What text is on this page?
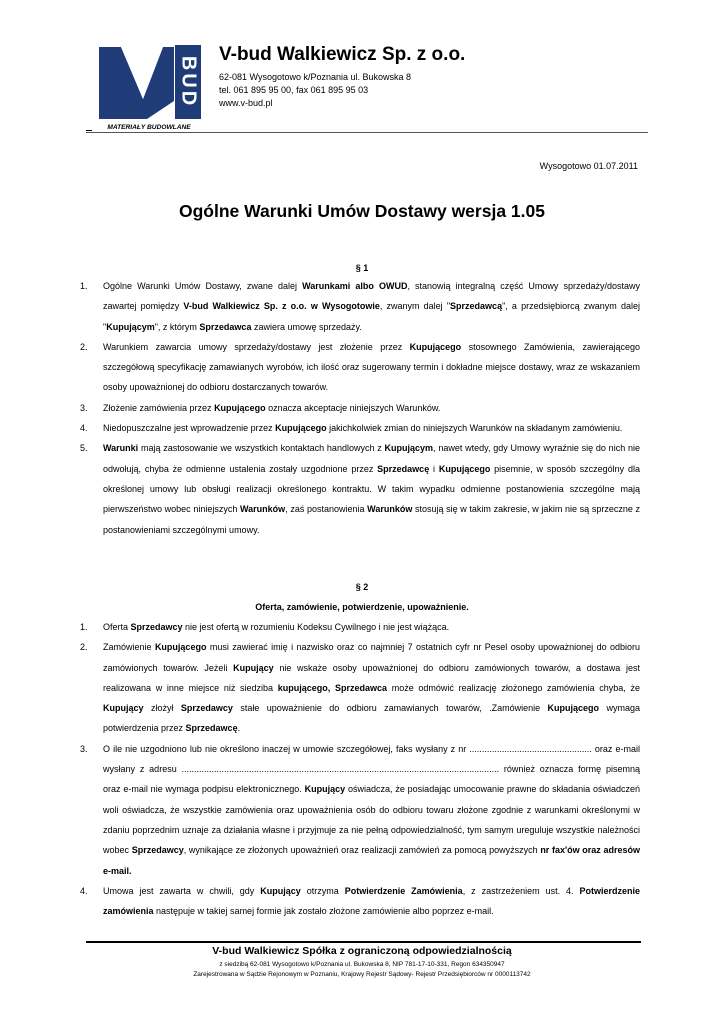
BUD
MATERIAŁY BUDOWLANE
V-bud Walkiewicz Sp. z o.o.
62-081 Wysogotowo k/Poznania ul. Bukowska 8
tel. 061 895 95 00, fax 061 895 95 03
www.v-bud.pl
Wysogotowo 01.07.2011
Ogólne Warunki Umów Dostawy wersja 1.05
§ 1
1. Ogólne Warunki Umów Dostawy, zwane dalej Warunkami albo OWUD, stanowią integralną część Umowy sprzedaży/dostawy zawartej pomiędzy V-bud Walkiewicz Sp. z o.o. w Wysogotowie, zwanym dalej "Sprzedawcą", a przedsiębiorcą zwanym dalej "Kupującym", z którym Sprzedawca zawiera umowę sprzedaży.
2. Warunkiem zawarcia umowy sprzedaży/dostawy jest złożenie przez Kupującego stosownego Zamówienia, zawierającego szczegółową specyfikację zamawianych wyrobów, ich ilość oraz sugerowany termin i dokładne miejsce dostawy, wraz ze wskazaniem osoby upoważnionej do odbioru dostarczanych towarów.
3. Złożenie zamówienia przez Kupującego oznacza akceptacje niniejszych Warunków.
4. Niedopuszczalne jest wprowadzenie przez Kupującego jakichkolwiek zmian do niniejszych Warunków na składanym zamówieniu.
5. Warunki mają zastosowanie we wszystkich kontaktach handlowych z Kupującym, nawet wtedy, gdy Umowy wyraźnie się do nich nie odwołują, chyba że odmienne ustalenia zostały uzgodnione przez Sprzedawcę i Kupującego pisemnie, w sposób szczególny dla określonej umowy lub obsługi realizacji określonego kontraktu. W takim wypadku odmienne postanowienia szczególne mają pierwszeństwo wobec niniejszych Warunków, zaś postanowienia Warunków stosują się w takim zakresie, w jakim nie są sprzeczne z postanowieniami szczególnymi umowy.
§ 2
Oferta, zamówienie, potwierdzenie, upoważnienie.
1. Oferta Sprzedawcy nie jest ofertą w rozumieniu Kodeksu Cywilnego i nie jest wiążąca.
2. Zamówienie Kupującego musi zawierać imię i nazwisko oraz co najmniej 7 ostatnich cyfr nr Pesel osoby upoważnionej do odbioru zamówionych towarów. Jeżeli Kupujący nie wskaże osoby upoważnionej do odbioru zamówionych towarów, a dostawa jest realizowana w inne miejsce niż siedziba kupującego, Sprzedawca może odmówić realizację złożonego zamówienia chyba, że Kupujący złożył Sprzedawcy stałe upoważnienie do odbioru zamawianych towarów, .Zamówienie Kupującego wymaga potwierdzenia przez Sprzedawcę.
3. O ile nie uzgodniono lub nie określono inaczej w umowie szczegółowej, faks wysłany z nr ................................................. oraz e-mail wysłany z adresu ............................................................................................................................... również oznacza formę pisemną oraz e-mail nie wymaga podpisu elektronicznego. Kupujący oświadcza, że posiadając umocowanie prawne do składania oświadczeń woli oświadcza, że wszystkie zamówienia oraz upoważnienia osób do odbioru towaru złożone zgodnie z warunkami określonymi w zdaniu poprzednim uznaje za działania własne i przyjmuje za nie pełną odpowiedzialność, tym samym ureguluje wszystkie należności wobec Sprzedawcy, wynikające ze złożonych upoważnień oraz realizacji zamówień za pomocą powyższych nr fax'ów oraz adresów e-mail.
4. Umowa jest zawarta w chwili, gdy Kupujący otrzyma Potwierdzenie Zamówienia, z zastrzeżeniem ust. 4. Potwierdzenie zamówienia następuje w takiej samej formie jak zostało złożone zamówienie albo poprzez e-mail.
V-bud Walkiewicz Spółka z ograniczoną odpowiedzialnością
z siedzibą 62-081 Wysogotowo k/Poznania ul. Bukowska 8, NIP 781-17-10-331, Regon 634350947
Zarejestrowana w Sądzie Rejonowym w Poznaniu, Krajowy Rejestr Sądowy- Rejestr Przedsiębiorców nr 0000113742
